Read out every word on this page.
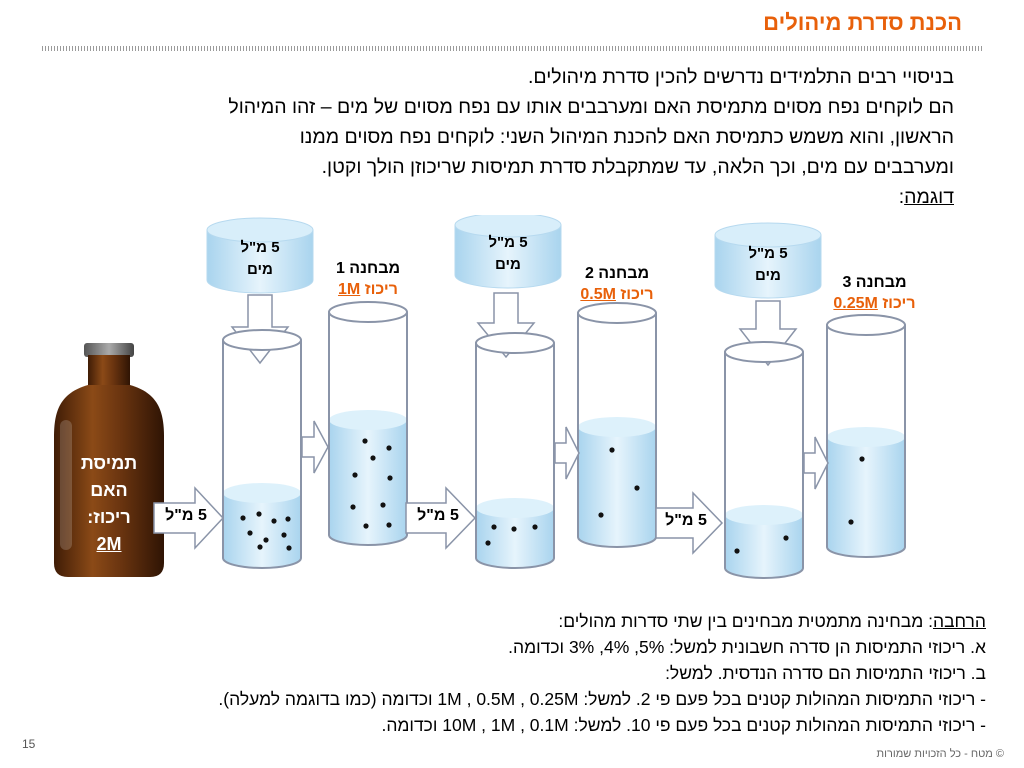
הכנת סדרת מיהולים

בניסויי רבים התלמידים נדרשים להכין סדרת מיהולים.

הם לוקחים נפח מסוים מתמיסת האם ומערבבים אותו עם נפח מסוים של מים – זהו המיהול

הראשון, והוא משמש כתמיסת האם להכנת המיהול השני: לוקחים נפח מסוים ממנו

ומערבבים עם מים, וכך הלאה, עד שמתקבלת סדרת תמיסות שריכוזן הולך וקטן.

דוגמה:

5 מ"ל
מים
5 מ"ל
מים
5 מ"ל
מים
מבחנה 1
ריכוז 1M
מבחנה 2
ריכוז 0.5M
מבחנה 3
ריכוז 0.25M
5 מ"ל	5 מ"ל	5 מ"ל
תמיסת
האם
ריכוז:
2M

הרחבה: מבחינה מתמטית מבחינים בין שתי סדרות מהולים:

א. ריכוזי התמיסות הן סדרה חשבונית למשל: 5%, 4%, 3% וכדומה.

ב. ריכוזי התמיסות הם סדרה הנדסית. למשל:

- ריכוזי התמיסות המהולות קטנים בכל פעם פי 2. למשל: 1M , 0.5M , 0.25M וכדומה (כמו בדוגמה למעלה).

- ריכוזי התמיסות המהולות קטנים בכל פעם פי 10. למשל: 10M , 1M , 0.1M וכדומה.

15
© מטח - כל הזכויות שמורות
